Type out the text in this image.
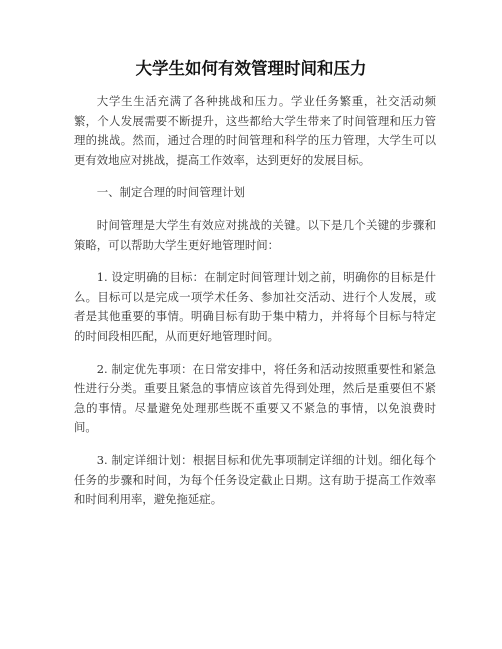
大学生如何有效管理时间和压力

大学生生活充满了各种挑战和压力。学业任务繁重，社交活动频繁，个人发展需要不断提升，这些都给大学生带来了时间管理和压力管理的挑战。然而，通过合理的时间管理和科学的压力管理，大学生可以更有效地应对挑战，提高工作效率，达到更好的发展目标。

一、制定合理的时间管理计划

时间管理是大学生有效应对挑战的关键。以下是几个关键的步骤和策略，可以帮助大学生更好地管理时间：

1. 设定明确的目标：在制定时间管理计划之前，明确你的目标是什么。目标可以是完成一项学术任务、参加社交活动、进行个人发展，或者是其他重要的事情。明确目标有助于集中精力，并将每个目标与特定的时间段相匹配，从而更好地管理时间。

2. 制定优先事项：在日常安排中，将任务和活动按照重要性和紧急性进行分类。重要且紧急的事情应该首先得到处理，然后是重要但不紧急的事情。尽量避免处理那些既不重要又不紧急的事情，以免浪费时间。

3. 制定详细计划：根据目标和优先事项制定详细的计划。细化每个任务的步骤和时间，为每个任务设定截止日期。这有助于提高工作效率和时间利用率，避免拖延症。
